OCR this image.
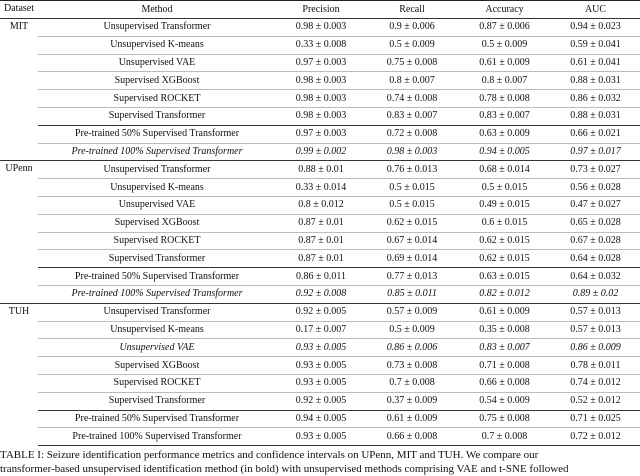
Dataset	Method	Precision	Recall	Accuracy	AUC
MIT	Unsupervised Transformer	0.98 ± 0.003	0.9 ± 0.006	0.87 ± 0.006	0.94 ± 0.023
	Unsupervised K-means	0.33 ± 0.008	0.5 ± 0.009	0.5 ± 0.009	0.59 ± 0.041
	Unsupervised VAE	0.97 ± 0.003	0.75 ± 0.008	0.61 ± 0.009	0.61 ± 0.041
	Supervised XGBoost	0.98 ± 0.003	0.8 ± 0.007	0.8 ± 0.007	0.88 ± 0.031
	Supervised ROCKET	0.98 ± 0.003	0.74 ± 0.008	0.78 ± 0.008	0.86 ± 0.032
	Supervised Transformer	0.98 ± 0.003	0.83 ± 0.007	0.83 ± 0.007	0.88 ± 0.031
	Pre-trained 50% Supervised Transformer	0.97 ± 0.003	0.72 ± 0.008	0.63 ± 0.009	0.66 ± 0.021
	Pre-trained 100% Supervised Transformer	0.99 ± 0.002	0.98 ± 0.003	0.94 ± 0.005	0.97 ± 0.017
UPenn	Unsupervised Transformer	0.88 ± 0.01	0.76 ± 0.013	0.68 ± 0.014	0.73 ± 0.027
	Unsupervised K-means	0.33 ± 0.014	0.5 ± 0.015	0.5 ± 0.015	0.56 ± 0.028
	Unsupervised VAE	0.8 ± 0.012	0.5 ± 0.015	0.49 ± 0.015	0.47 ± 0.027
	Supervised XGBoost	0.87 ± 0.01	0.62 ± 0.015	0.6 ± 0.015	0.65 ± 0.028
	Supervised ROCKET	0.87 ± 0.01	0.67 ± 0.014	0.62 ± 0.015	0.67 ± 0.028
	Supervised Transformer	0.87 ± 0.01	0.69 ± 0.014	0.62 ± 0.015	0.64 ± 0.028
	Pre-trained 50% Supervised Transformer	0.86 ± 0.011	0.77 ± 0.013	0.63 ± 0.015	0.64 ± 0.032
	Pre-trained 100% Supervised Transformer	0.92 ± 0.008	0.85 ± 0.011	0.82 ± 0.012	0.89 ± 0.02
TUH	Unsupervised Transformer	0.92 ± 0.005	0.57 ± 0.009	0.61 ± 0.009	0.57 ± 0.013
	Unsupervised K-means	0.17 ± 0.007	0.5 ± 0.009	0.35 ± 0.008	0.57 ± 0.013
	Unsupervised VAE	0.93 ± 0.005	0.86 ± 0.006	0.83 ± 0.007	0.86 ± 0.009
	Supervised XGBoost	0.93 ± 0.005	0.73 ± 0.008	0.71 ± 0.008	0.78 ± 0.011
	Supervised ROCKET	0.93 ± 0.005	0.7 ± 0.008	0.66 ± 0.008	0.74 ± 0.012
	Supervised Transformer	0.92 ± 0.005	0.37 ± 0.009	0.54 ± 0.009	0.52 ± 0.012
	Pre-trained 50% Supervised Transformer	0.94 ± 0.005	0.61 ± 0.009	0.75 ± 0.008	0.71 ± 0.025
	Pre-trained 100% Supervised Transformer	0.93 ± 0.005	0.66 ± 0.008	0.7 ± 0.008	0.72 ± 0.012
TABLE I: Seizure identification performance metrics and confidence intervals on UPenn, MIT and TUH. We compare our
transformer-based unsupervised identification method (in bold) with unsupervised methods comprising VAE and t-SNE followed
